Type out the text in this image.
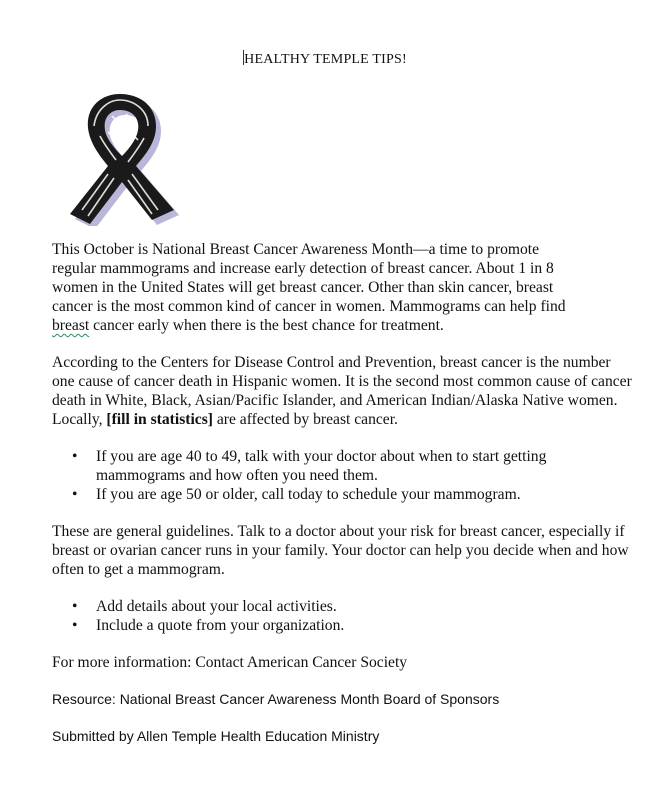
HEALTHY TEMPLE TIPS!

This October is National Breast Cancer Awareness Month—a time to promote
regular mammograms and increase early detection of breast cancer. About 1 in 8
women in the United States will get breast cancer. Other than skin cancer, breast
cancer is the most common kind of cancer in women. Mammograms can help find
breast cancer early when there is the best chance for treatment.

According to the Centers for Disease Control and Prevention, breast cancer is the number one cause of cancer death in Hispanic women. It is the second most common cause of cancer death in White, Black, Asian/Pacific Islander, and American Indian/Alaska Native women. Locally, [fill in statistics] are affected by breast cancer.

• If you are age 40 to 49, talk with your doctor about when to start getting mammograms and how often you need them.
• If you are age 50 or older, call today to schedule your mammogram.

These are general guidelines. Talk to a doctor about your risk for breast cancer, especially if breast or ovarian cancer runs in your family. Your doctor can help you decide when and how often to get a mammogram.

• Add details about your local activities.
• Include a quote from your organization.

For more information: Contact American Cancer Society

Resource: National Breast Cancer Awareness Month Board of Sponsors

Submitted by Allen Temple Health Education Ministry
